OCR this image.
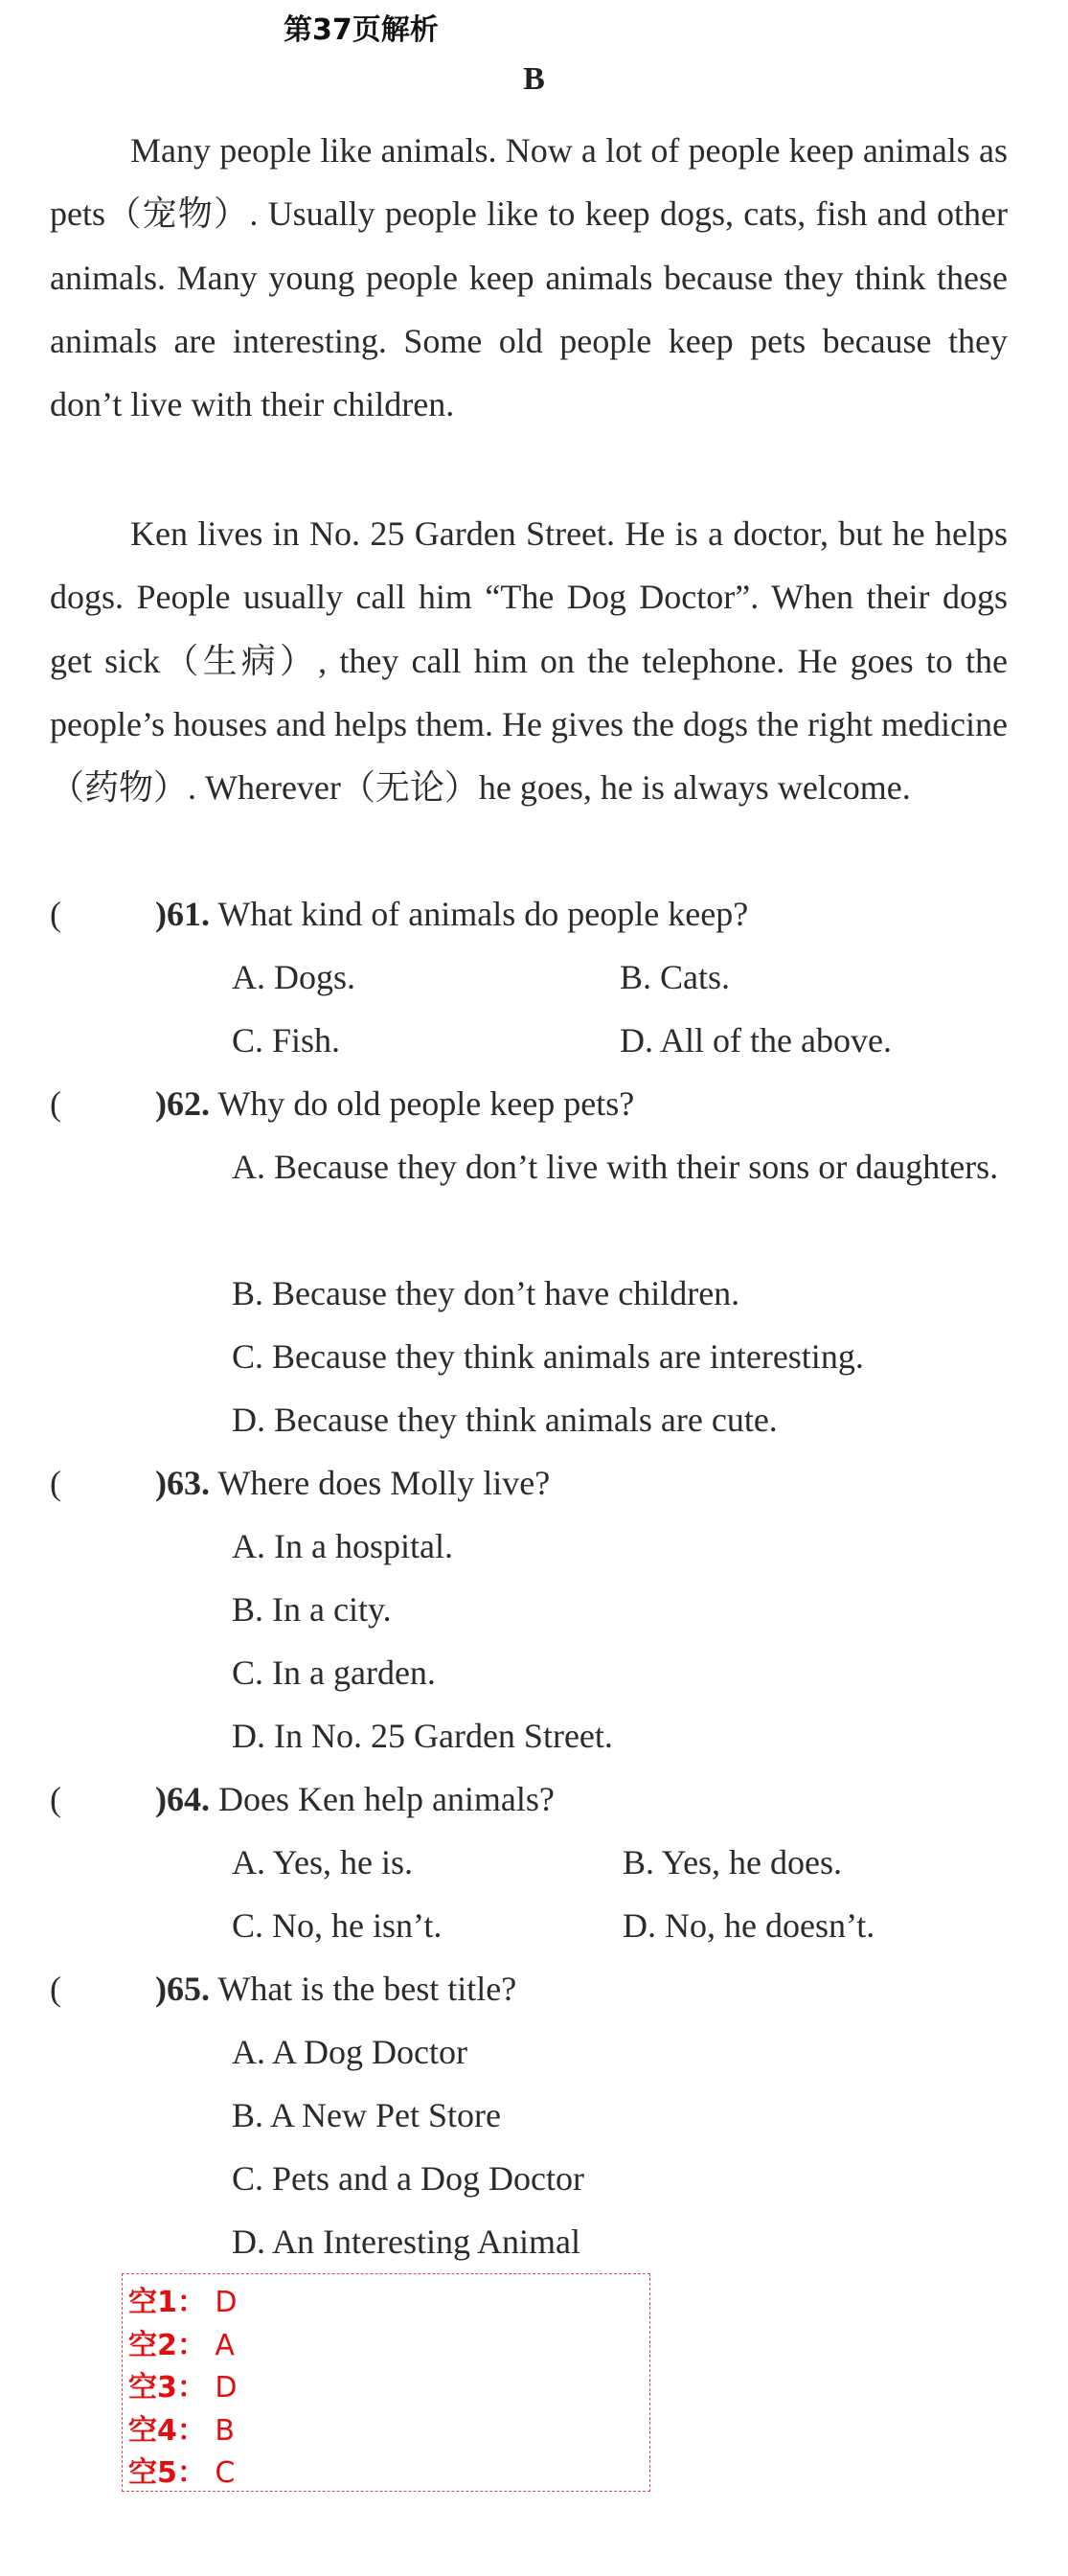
第37页解析
B
Many people like animals. Now a lot of people keep animals as pets（宠物）. Usually people like to keep dogs, cats, fish and other animals. Many young people keep animals because they think these animals are interesting. Some old people keep pets because they don’t live with their children.
Ken lives in No. 25 Garden Street. He is a doctor, but he helps dogs. People usually call him “The Dog Doctor”. When their dogs get sick（生病）, they call him on the telephone. He goes to the people’s houses and helps them. He gives the dogs the right medicine（药物）. Wherever（无论）he goes, he is always welcome.
(	)61. What kind of animals do people keep?
A. Dogs.	B. Cats.
C. Fish.	D. All of the above.
(	)62. Why do old people keep pets?
A. Because they don’t live with their sons or daughters.
B. Because they don’t have children.
C. Because they think animals are interesting.
D. Because they think animals are cute.
(	)63. Where does Molly live?
A. In a hospital.
B. In a city.
C. In a garden.
D. In No. 25 Garden Street.
(	)64. Does Ken help animals?
A. Yes, he is.	B. Yes, he does.
C. No, he isn’t.	D. No, he doesn’t.
(	)65. What is the best title?
A. A Dog Doctor
B. A New Pet Store
C. Pets and a Dog Doctor
D. An Interesting Animal
空1： D
空2： A
空3： D
空4： B
空5： C
